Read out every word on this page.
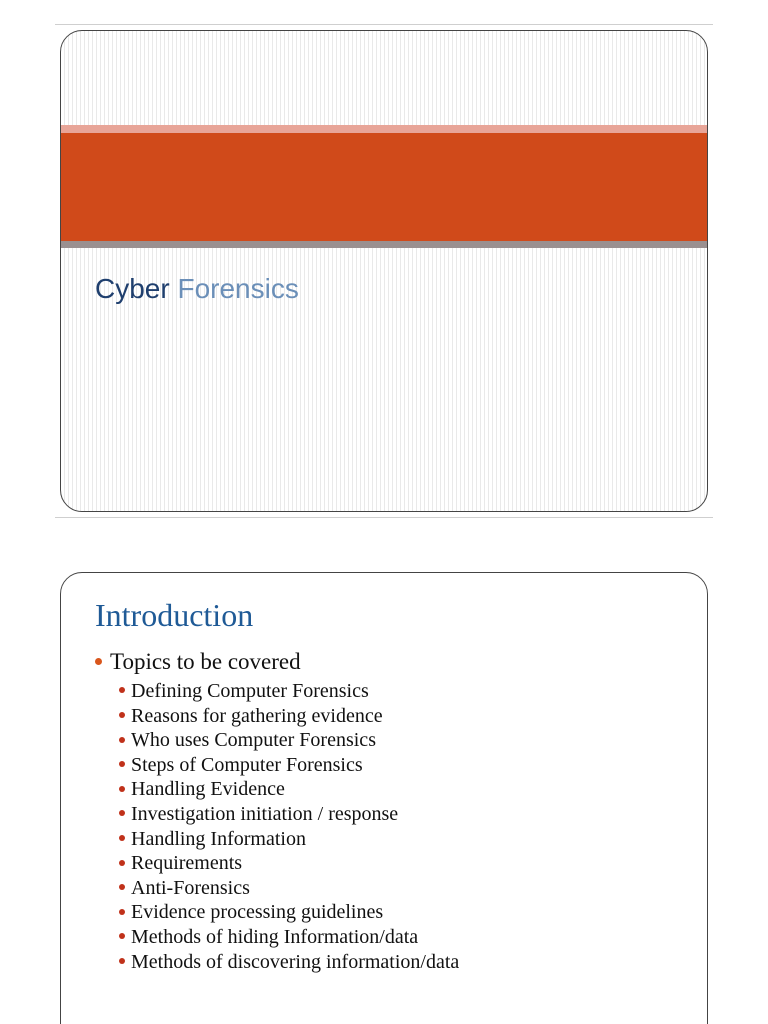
Cyber Forensics
Introduction
Topics to be covered
Defining Computer Forensics
Reasons for gathering evidence
Who uses Computer Forensics
Steps of Computer Forensics
Handling Evidence
Investigation initiation / response
Handling Information
Requirements
Anti-Forensics
Evidence processing guidelines
Methods of hiding Information/data
Methods of discovering information/data
